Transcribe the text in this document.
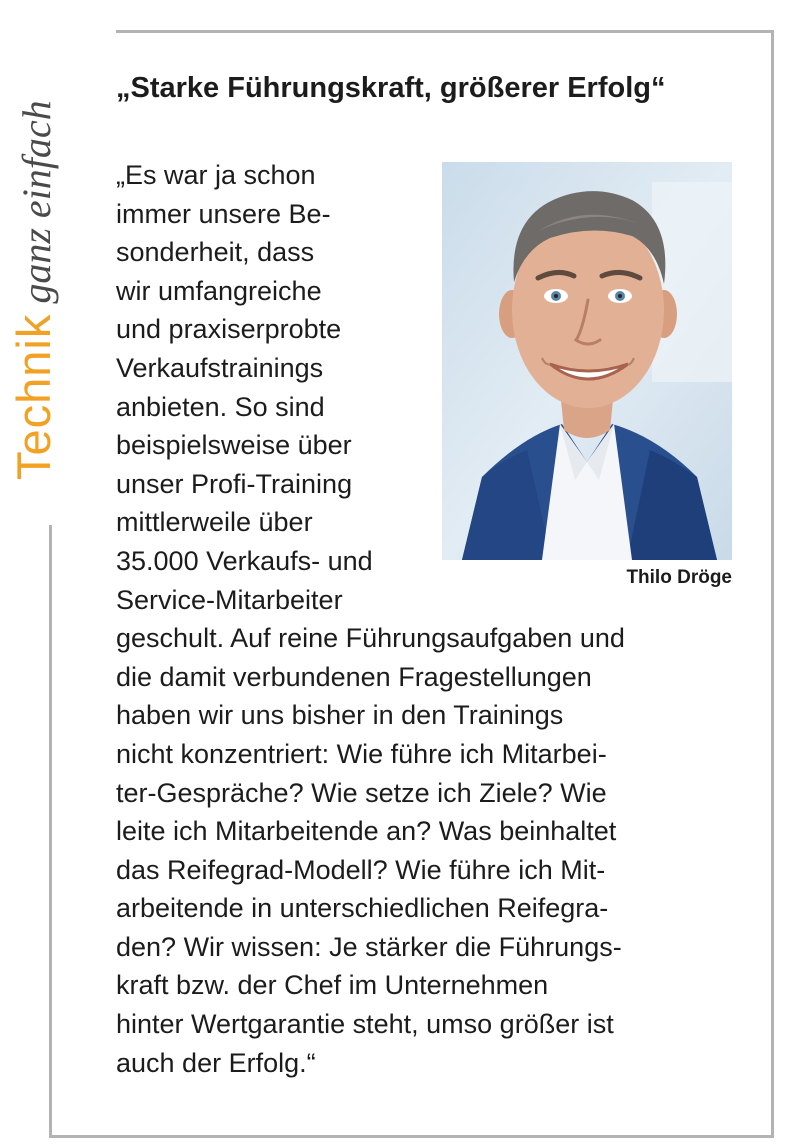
Technikganzeinfach
„Starke Führungskraft, größerer Erfolg“
Thilo Dröge

„Es war ja schon
immer unsere Be-
sonderheit, dass
wir umfangreiche
und praxiserprobte
Verkaufstrainings
anbieten. So sind
beispielsweise über
unser Profi-Training
mittlerweile über
35.000 Verkaufs- und
Service-Mitarbeiter
geschult. Auf reine Führungsaufgaben und
die damit verbundenen Fragestellungen
haben wir uns bisher in den Trainings
nicht konzentriert: Wie führe ich Mitarbei-
ter-Gespräche? Wie setze ich Ziele? Wie
leite ich Mitarbeitende an? Was beinhaltet
das Reifegrad-Modell? Wie führe ich Mit-
arbeitende in unterschiedlichen Reifegra-
den? Wir wissen: Je stärker die Führungs-
kraft bzw. der Chef im Unternehmen
hinter Wertgarantie steht, umso größer ist
auch der Erfolg.“
